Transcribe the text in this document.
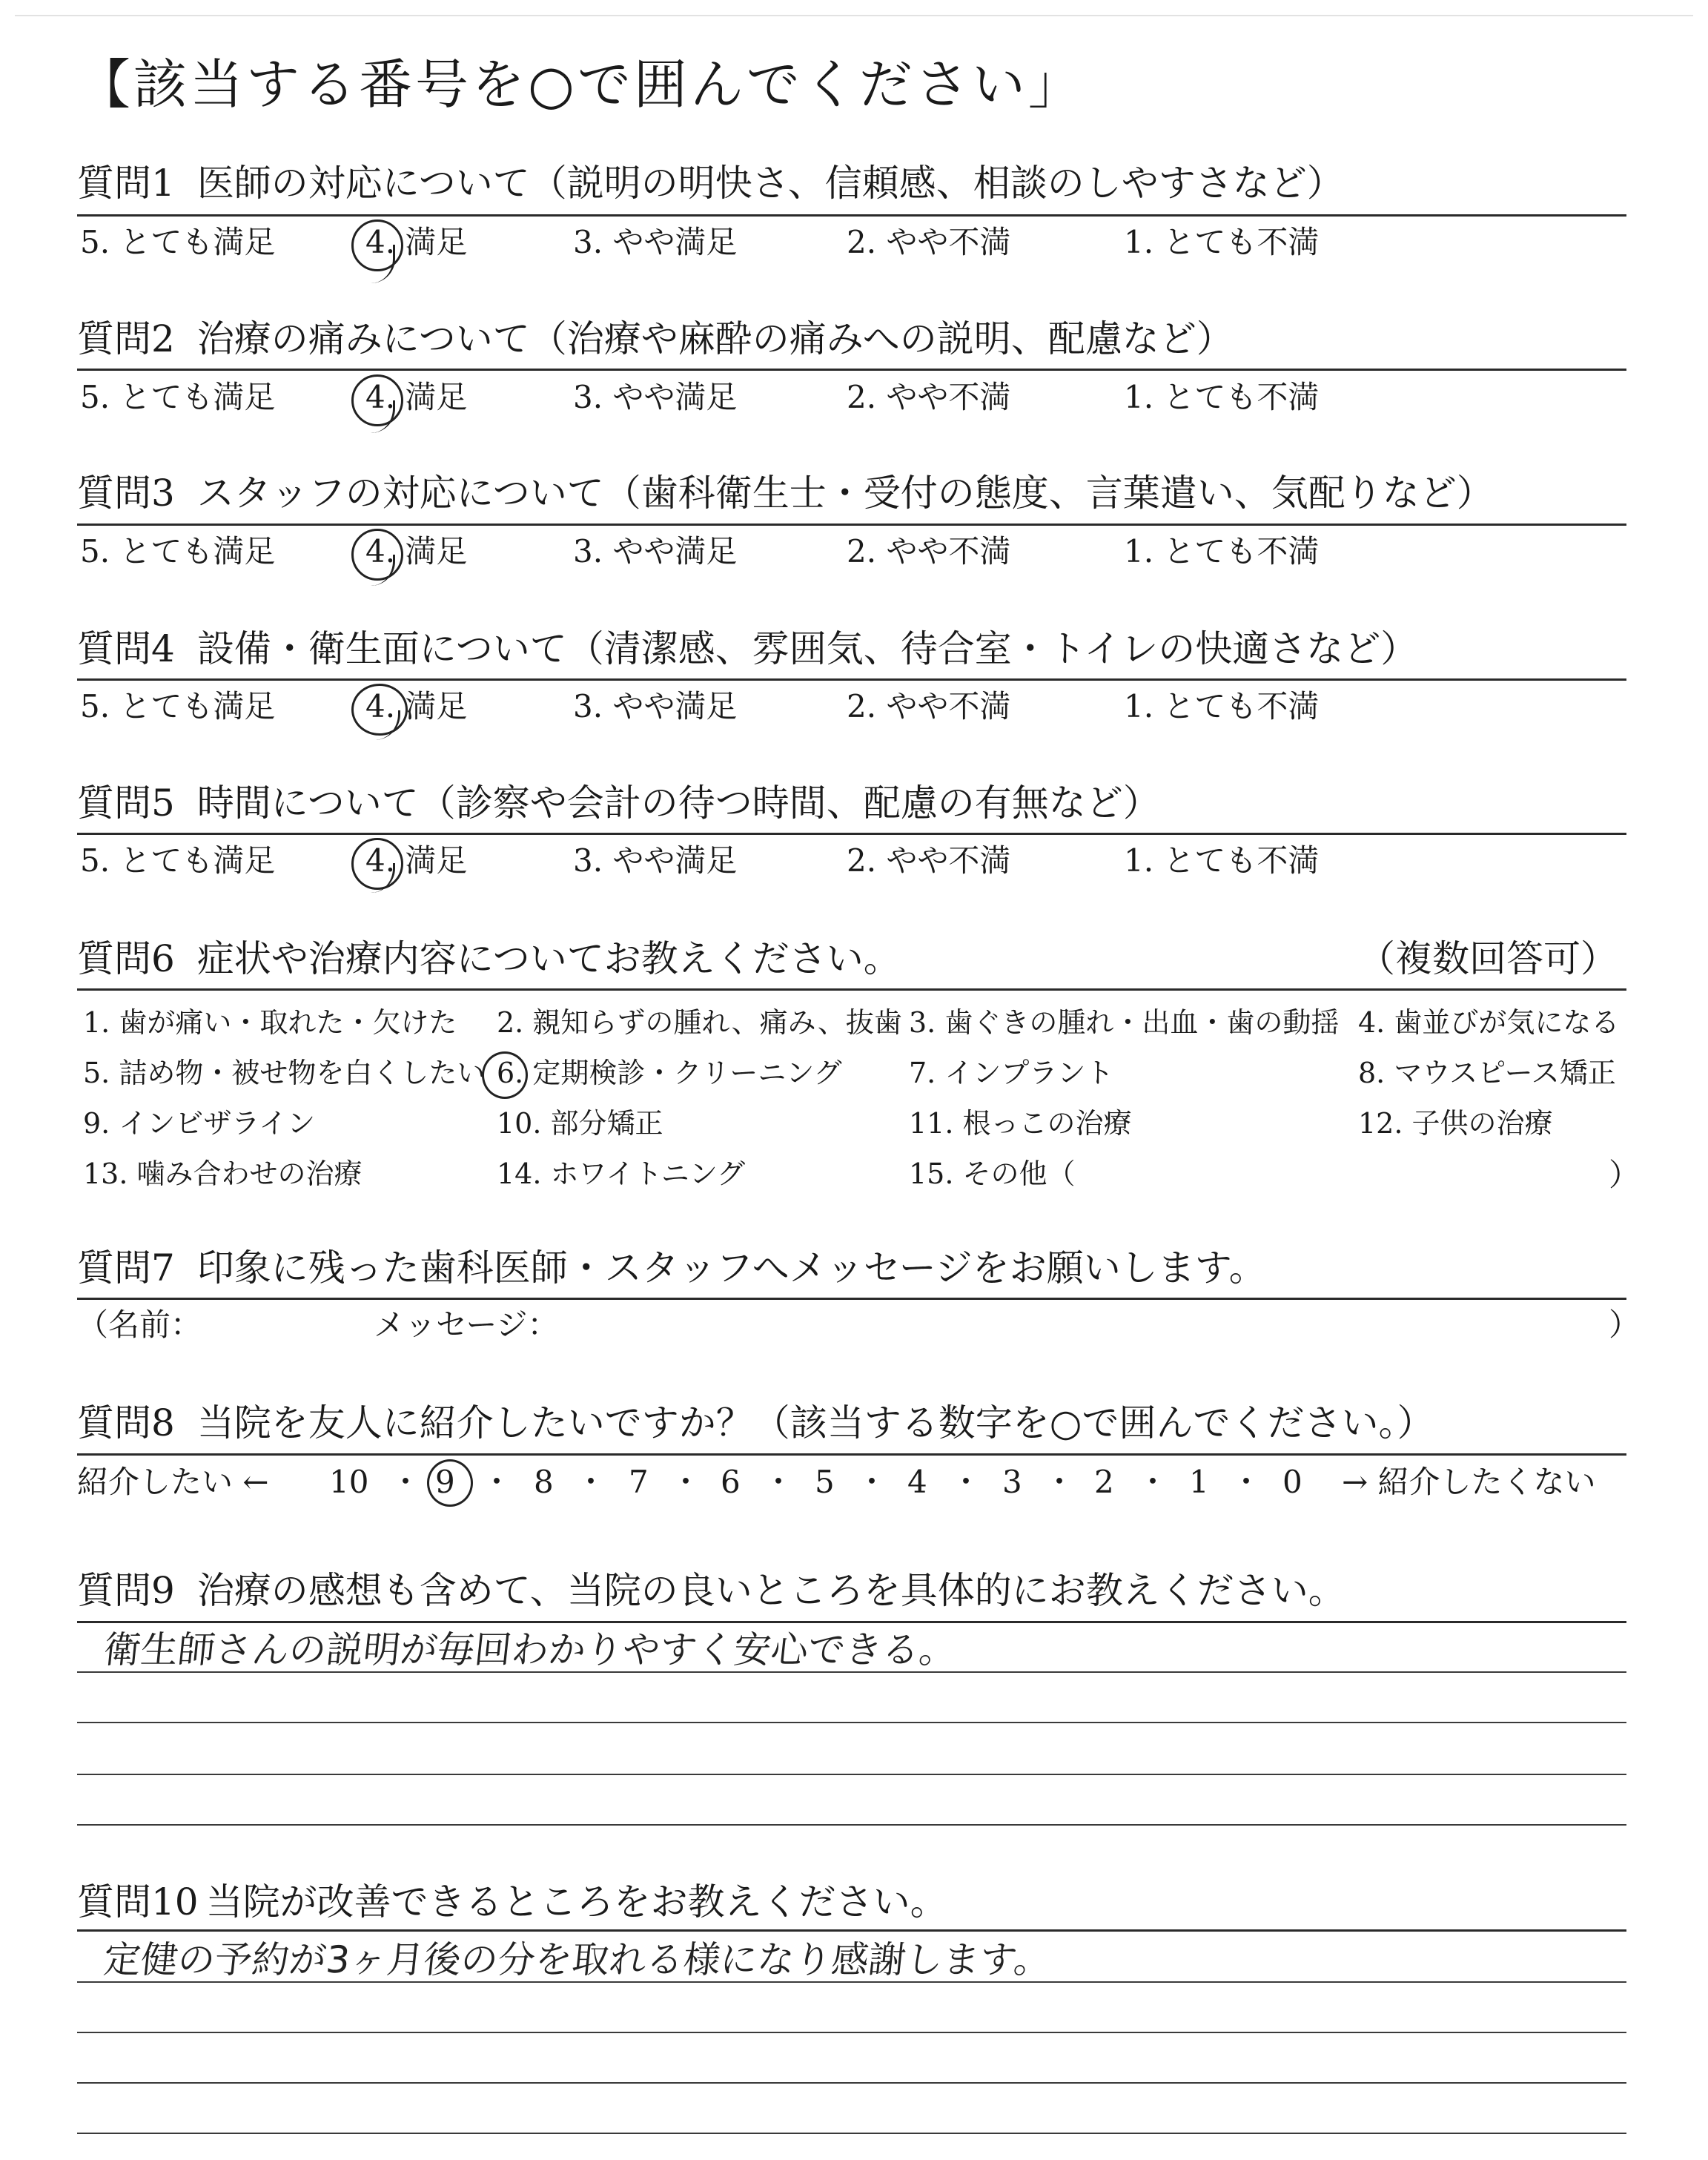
【該当する番号を○で囲んでください」
質問1 医師の対応について（説明の明快さ、信頼感、相談のしやすさなど）
5. とても満足	4. 満足	3. やや満足	2. やや不満	1. とても不満
質問2 治療の痛みについて（治療や麻酔の痛みへの説明、配慮など）
5. とても満足	4. 満足	3. やや満足	2. やや不満	1. とても不満
質問3 スタッフの対応について（歯科衛生士・受付の態度、言葉遣い、気配りなど）
5. とても満足	4. 満足	3. やや満足	2. やや不満	1. とても不満
質問4 設備・衛生面について（清潔感、雰囲気、待合室・トイレの快適さなど）
5. とても満足	4. 満足	3. やや満足	2. やや不満	1. とても不満
質問5 時間について（診察や会計の待つ時間、配慮の有無など）
5. とても満足	4. 満足	3. やや満足	2. やや不満	1. とても不満
質問6 症状や治療内容についてお教えください。	（複数回答可）
1. 歯が痛い・取れた・欠けた 2. 親知らずの腫れ、痛み、抜歯 3. 歯ぐきの腫れ・出血・歯の動揺 4. 歯並びが気になる
5. 詰め物・被せ物を白くしたい 6. 定期検診・クリーニング 7. インプラント	8. マウスピース矯正
9. インビザライン	10. 部分矯正	11. 根っこの治療	12. 子供の治療
13. 噛み合わせの治療	14. ホワイトニング	15. その他（	）
質問7 印象に残った歯科医師・スタッフへメッセージをお願いします。
（名前：	メッセージ：	）
質問8 当院を友人に紹介したいですか？（該当する数字を○で囲んでください。）
紹介したい ← 10 ・ 9 ・ 8 ・ 7 ・ 6 ・ 5 ・ 4 ・ 3 ・ 2 ・ 1 ・ 0 → 紹介したくない
質問9 治療の感想も含めて、当院の良いところを具体的にお教えください。
衛生師さんの説明が毎回わかりやすく安心できる。
質問10 当院が改善できるところをお教えください。
定健の予約が3ヶ月後の分を取れる様になり感謝します。
